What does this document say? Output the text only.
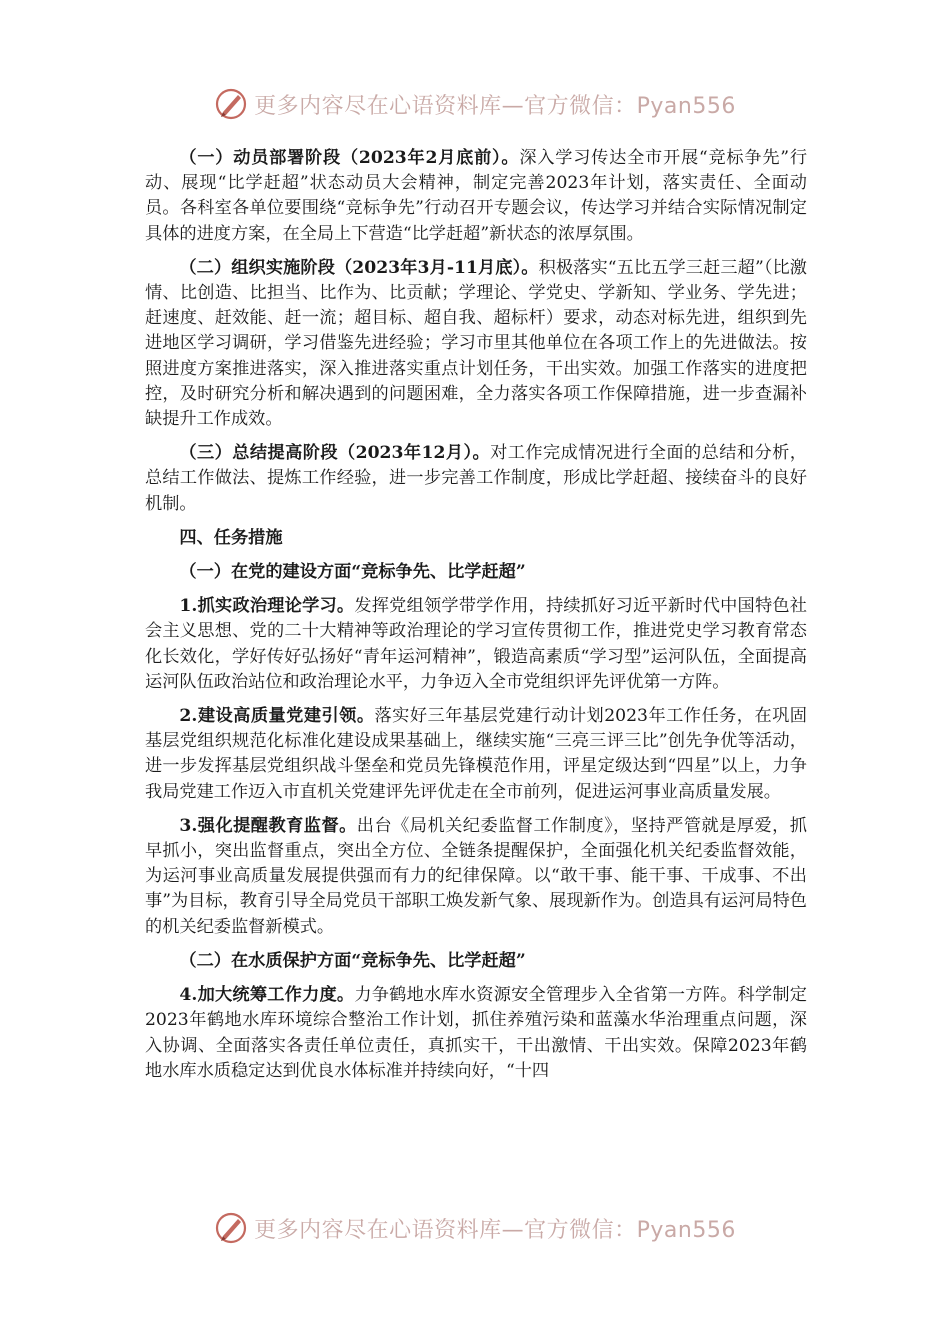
更多内容尽在心语资料库—官方微信：Pyan556

（一）动员部署阶段（2023年2月底前）。深入学习传达全市开展“竞标争先”行动、展现“比学赶超”状态动员大会精神，制定完善2023年计划，落实责任、全面动员。各科室各单位要围绕“竞标争先”行动召开专题会议，传达学习并结合实际情况制定具体的进度方案，在全局上下营造“比学赶超”新状态的浓厚氛围。

（二）组织实施阶段（2023年3月-11月底）。积极落实“五比五学三赶三超”（比激情、比创造、比担当、比作为、比贡献；学理论、学党史、学新知、学业务、学先进；赶速度、赶效能、赶一流；超目标、超自我、超标杆）要求，动态对标先进，组织到先进地区学习调研，学习借鉴先进经验；学习市里其他单位在各项工作上的先进做法。按照进度方案推进落实，深入推进落实重点计划任务，干出实效。加强工作落实的进度把控，及时研究分析和解决遇到的问题困难，全力落实各项工作保障措施，进一步查漏补缺提升工作成效。

（三）总结提高阶段（2023年12月）。对工作完成情况进行全面的总结和分析，总结工作做法、提炼工作经验，进一步完善工作制度，形成比学赶超、接续奋斗的良好机制。

四、任务措施

（一）在党的建设方面“竞标争先、比学赶超”

1.抓实政治理论学习。发挥党组领学带学作用，持续抓好习近平新时代中国特色社会主义思想、党的二十大精神等政治理论的学习宣传贯彻工作，推进党史学习教育常态化长效化，学好传好弘扬好“青年运河精神”，锻造高素质“学习型”运河队伍，全面提高运河队伍政治站位和政治理论水平，力争迈入全市党组织评先评优第一方阵。

2.建设高质量党建引领。落实好三年基层党建行动计划2023年工作任务，在巩固基层党组织规范化标准化建设成果基础上，继续实施“三亮三评三比”创先争优等活动，进一步发挥基层党组织战斗堡垒和党员先锋模范作用，评星定级达到“四星”以上，力争我局党建工作迈入市直机关党建评先评优走在全市前列，促进运河事业高质量发展。

3.强化提醒教育监督。出台《局机关纪委监督工作制度》，坚持严管就是厚爱，抓早抓小，突出监督重点，突出全方位、全链条提醒保护，全面强化机关纪委监督效能，为运河事业高质量发展提供强而有力的纪律保障。以“敢干事、能干事、干成事、不出事”为目标，教育引导全局党员干部职工焕发新气象、展现新作为。创造具有运河局特色的机关纪委监督新模式。

（二）在水质保护方面“竞标争先、比学赶超”

4.加大统筹工作力度。力争鹤地水库水资源安全管理步入全省第一方阵。科学制定2023年鹤地水库环境综合整治工作计划，抓住养殖污染和蓝藻水华治理重点问题，深入协调、全面落实各责任单位责任，真抓实干，干出激情、干出实效。保障2023年鹤地水库水质稳定达到优良水体标准并持续向好，“十四

更多内容尽在心语资料库—官方微信：Pyan556
